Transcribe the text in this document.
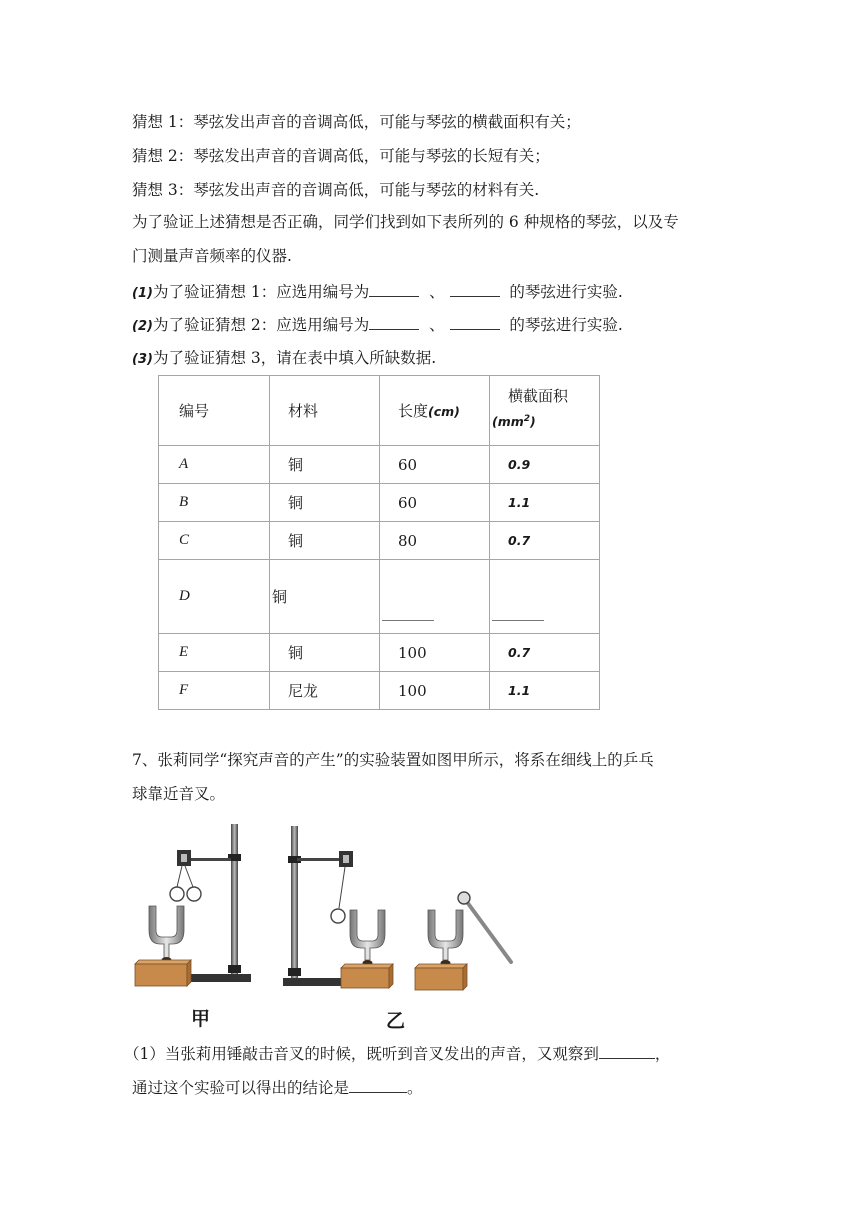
猜想 1：琴弦发出声音的音调高低，可能与琴弦的横截面积有关；
猜想 2：琴弦发出声音的音调高低，可能与琴弦的长短有关；
猜想 3：琴弦发出声音的音调高低，可能与琴弦的材料有关.
为了验证上述猜想是否正确，同学们找到如下表所列的 6 种规格的琴弦，以及专
门测量声音频率的仪器.
(1)为了验证猜想 1：应选用编号为	、	的琴弦进行实验.
(2)为了验证猜想 2：应选用编号为	、	的琴弦进行实验.
(3)为了验证猜想 3，请在表中填入所缺数据.
编号	材料	长度(cm)	横截面积
$(mm^2)$

A	铜	60	0.9

B	铜	60	1.1

C	铜	80	0.7

D	铜		

E	铜	100	0.7

F	尼龙	100	1.1
7、张莉同学“探究声音的产生”的实验装置如图甲所示，将系在细线上的乒乓
球靠近音叉。
甲	乙
（1）当张莉用锤敲击音叉的时候，既听到音叉发出的声音，又观察到	，
通过这个实验可以得出的结论是	。
